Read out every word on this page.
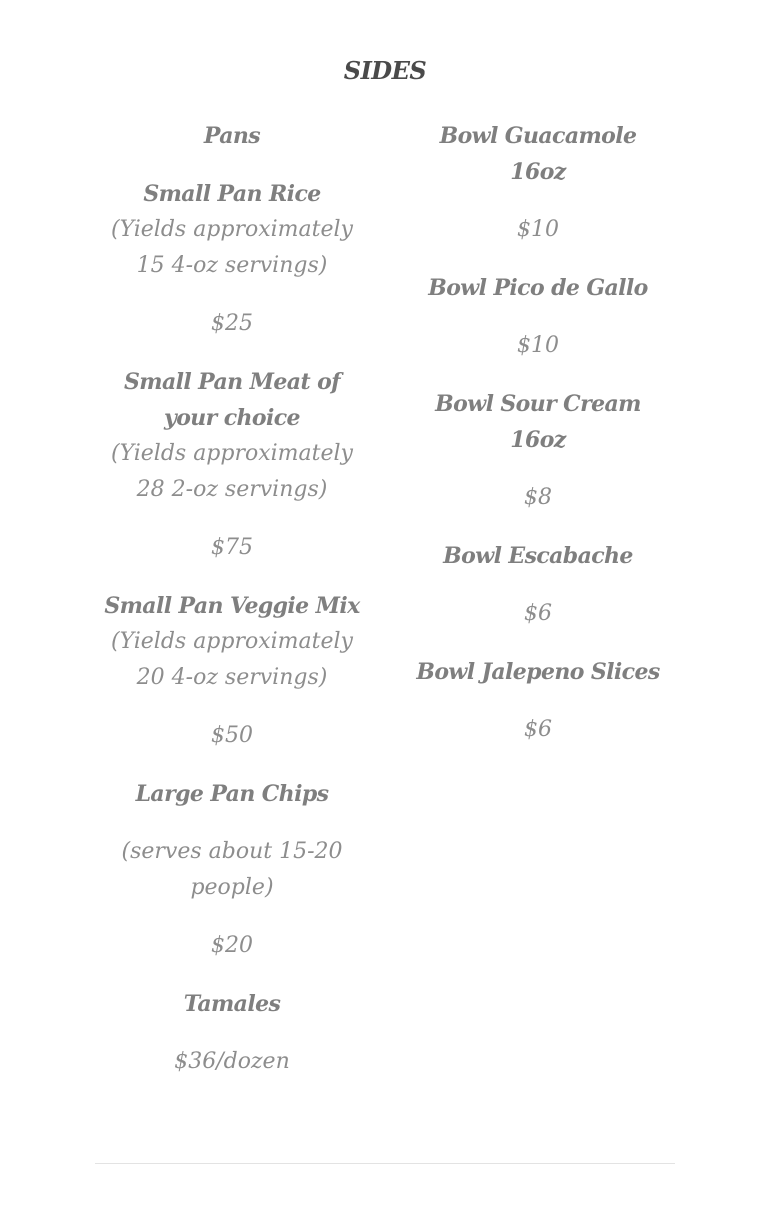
SIDES

Pans

Small Pan Rice

(Yields approximately 15 4-oz servings)

$25

Small Pan Meat of your choice

(Yields approximately 28 2-oz servings)

$75

Small Pan Veggie Mix

(Yields approximately 20 4-oz servings)

$50

Large Pan Chips

(serves about 15-20 people)

$20

Tamales

$36/dozen

Bowl Guacamole 16oz

$10

Bowl Pico de Gallo

$10

Bowl Sour Cream 16oz

$8

Bowl Escabache

$6

Bowl Jalepeno Slices

$6
